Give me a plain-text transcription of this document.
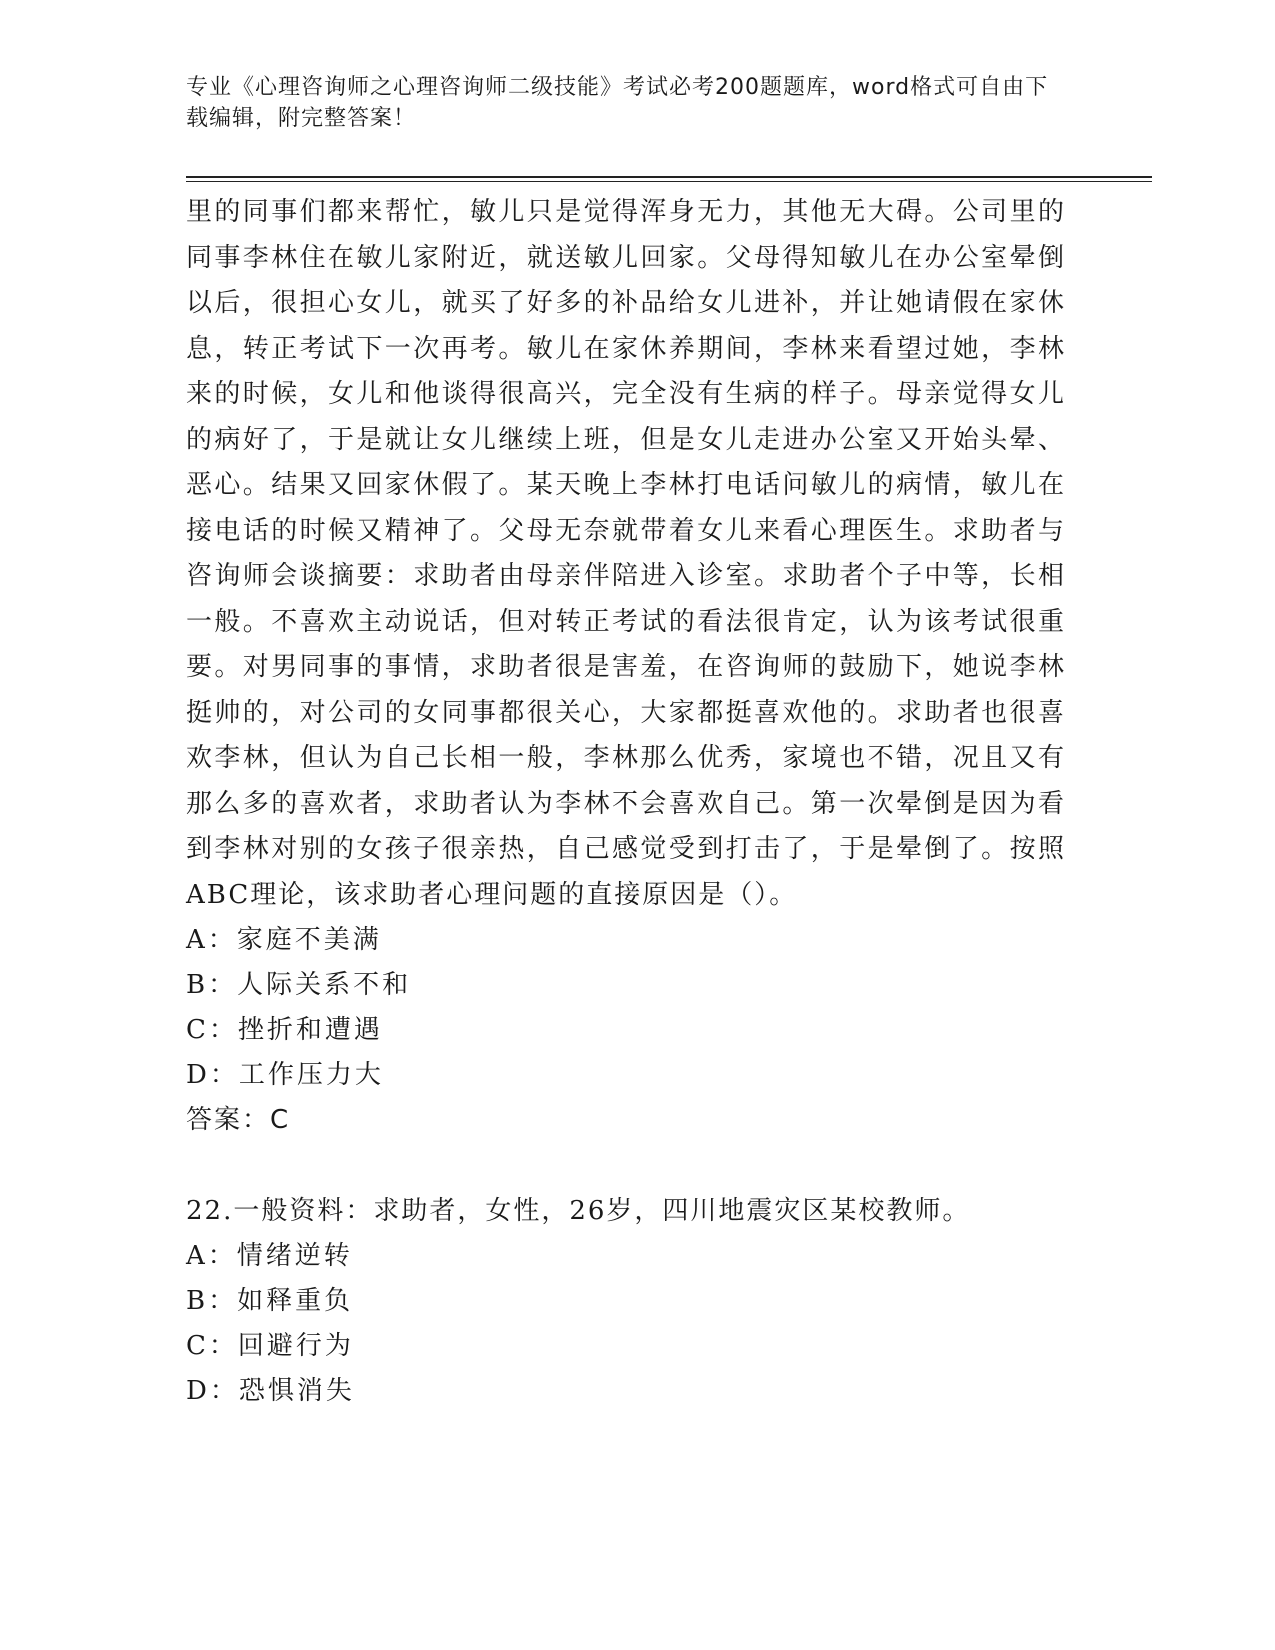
专业《心理咨询师之心理咨询师二级技能》考试必考200题题库，word格式可自由下载编辑，附完整答案！

里的同事们都来帮忙，敏儿只是觉得浑身无力，其他无大碍。公司里的同事李林住在敏儿家附近，就送敏儿回家。父母得知敏儿在办公室晕倒以后，很担心女儿，就买了好多的补品给女儿进补，并让她请假在家休息，转正考试下一次再考。敏儿在家休养期间，李林来看望过她，李林来的时候，女儿和他谈得很高兴，完全没有生病的样子。母亲觉得女儿的病好了，于是就让女儿继续上班，但是女儿走进办公室又开始头晕、恶心。结果又回家休假了。某天晚上李林打电话问敏儿的病情，敏儿在接电话的时候又精神了。父母无奈就带着女儿来看心理医生。求助者与咨询师会谈摘要：求助者由母亲伴陪进入诊室。求助者个子中等，长相一般。不喜欢主动说话，但对转正考试的看法很肯定，认为该考试很重要。对男同事的事情，求助者很是害羞，在咨询师的鼓励下，她说李林挺帅的，对公司的女同事都很关心，大家都挺喜欢他的。求助者也很喜欢李林，但认为自己长相一般，李林那么优秀，家境也不错，况且又有那么多的喜欢者，求助者认为李林不会喜欢自己。第一次晕倒是因为看到李林对别的女孩子很亲热，自己感觉受到打击了，于是晕倒了。按照ABC理论，该求助者心理问题的直接原因是（）。

A：家庭不美满

B：人际关系不和

C：挫折和遭遇

D：工作压力大

答案：C

22.一般资料：求助者，女性，26岁，四川地震灾区某校教师。

A：情绪逆转

B：如释重负

C：回避行为

D：恐惧消失
